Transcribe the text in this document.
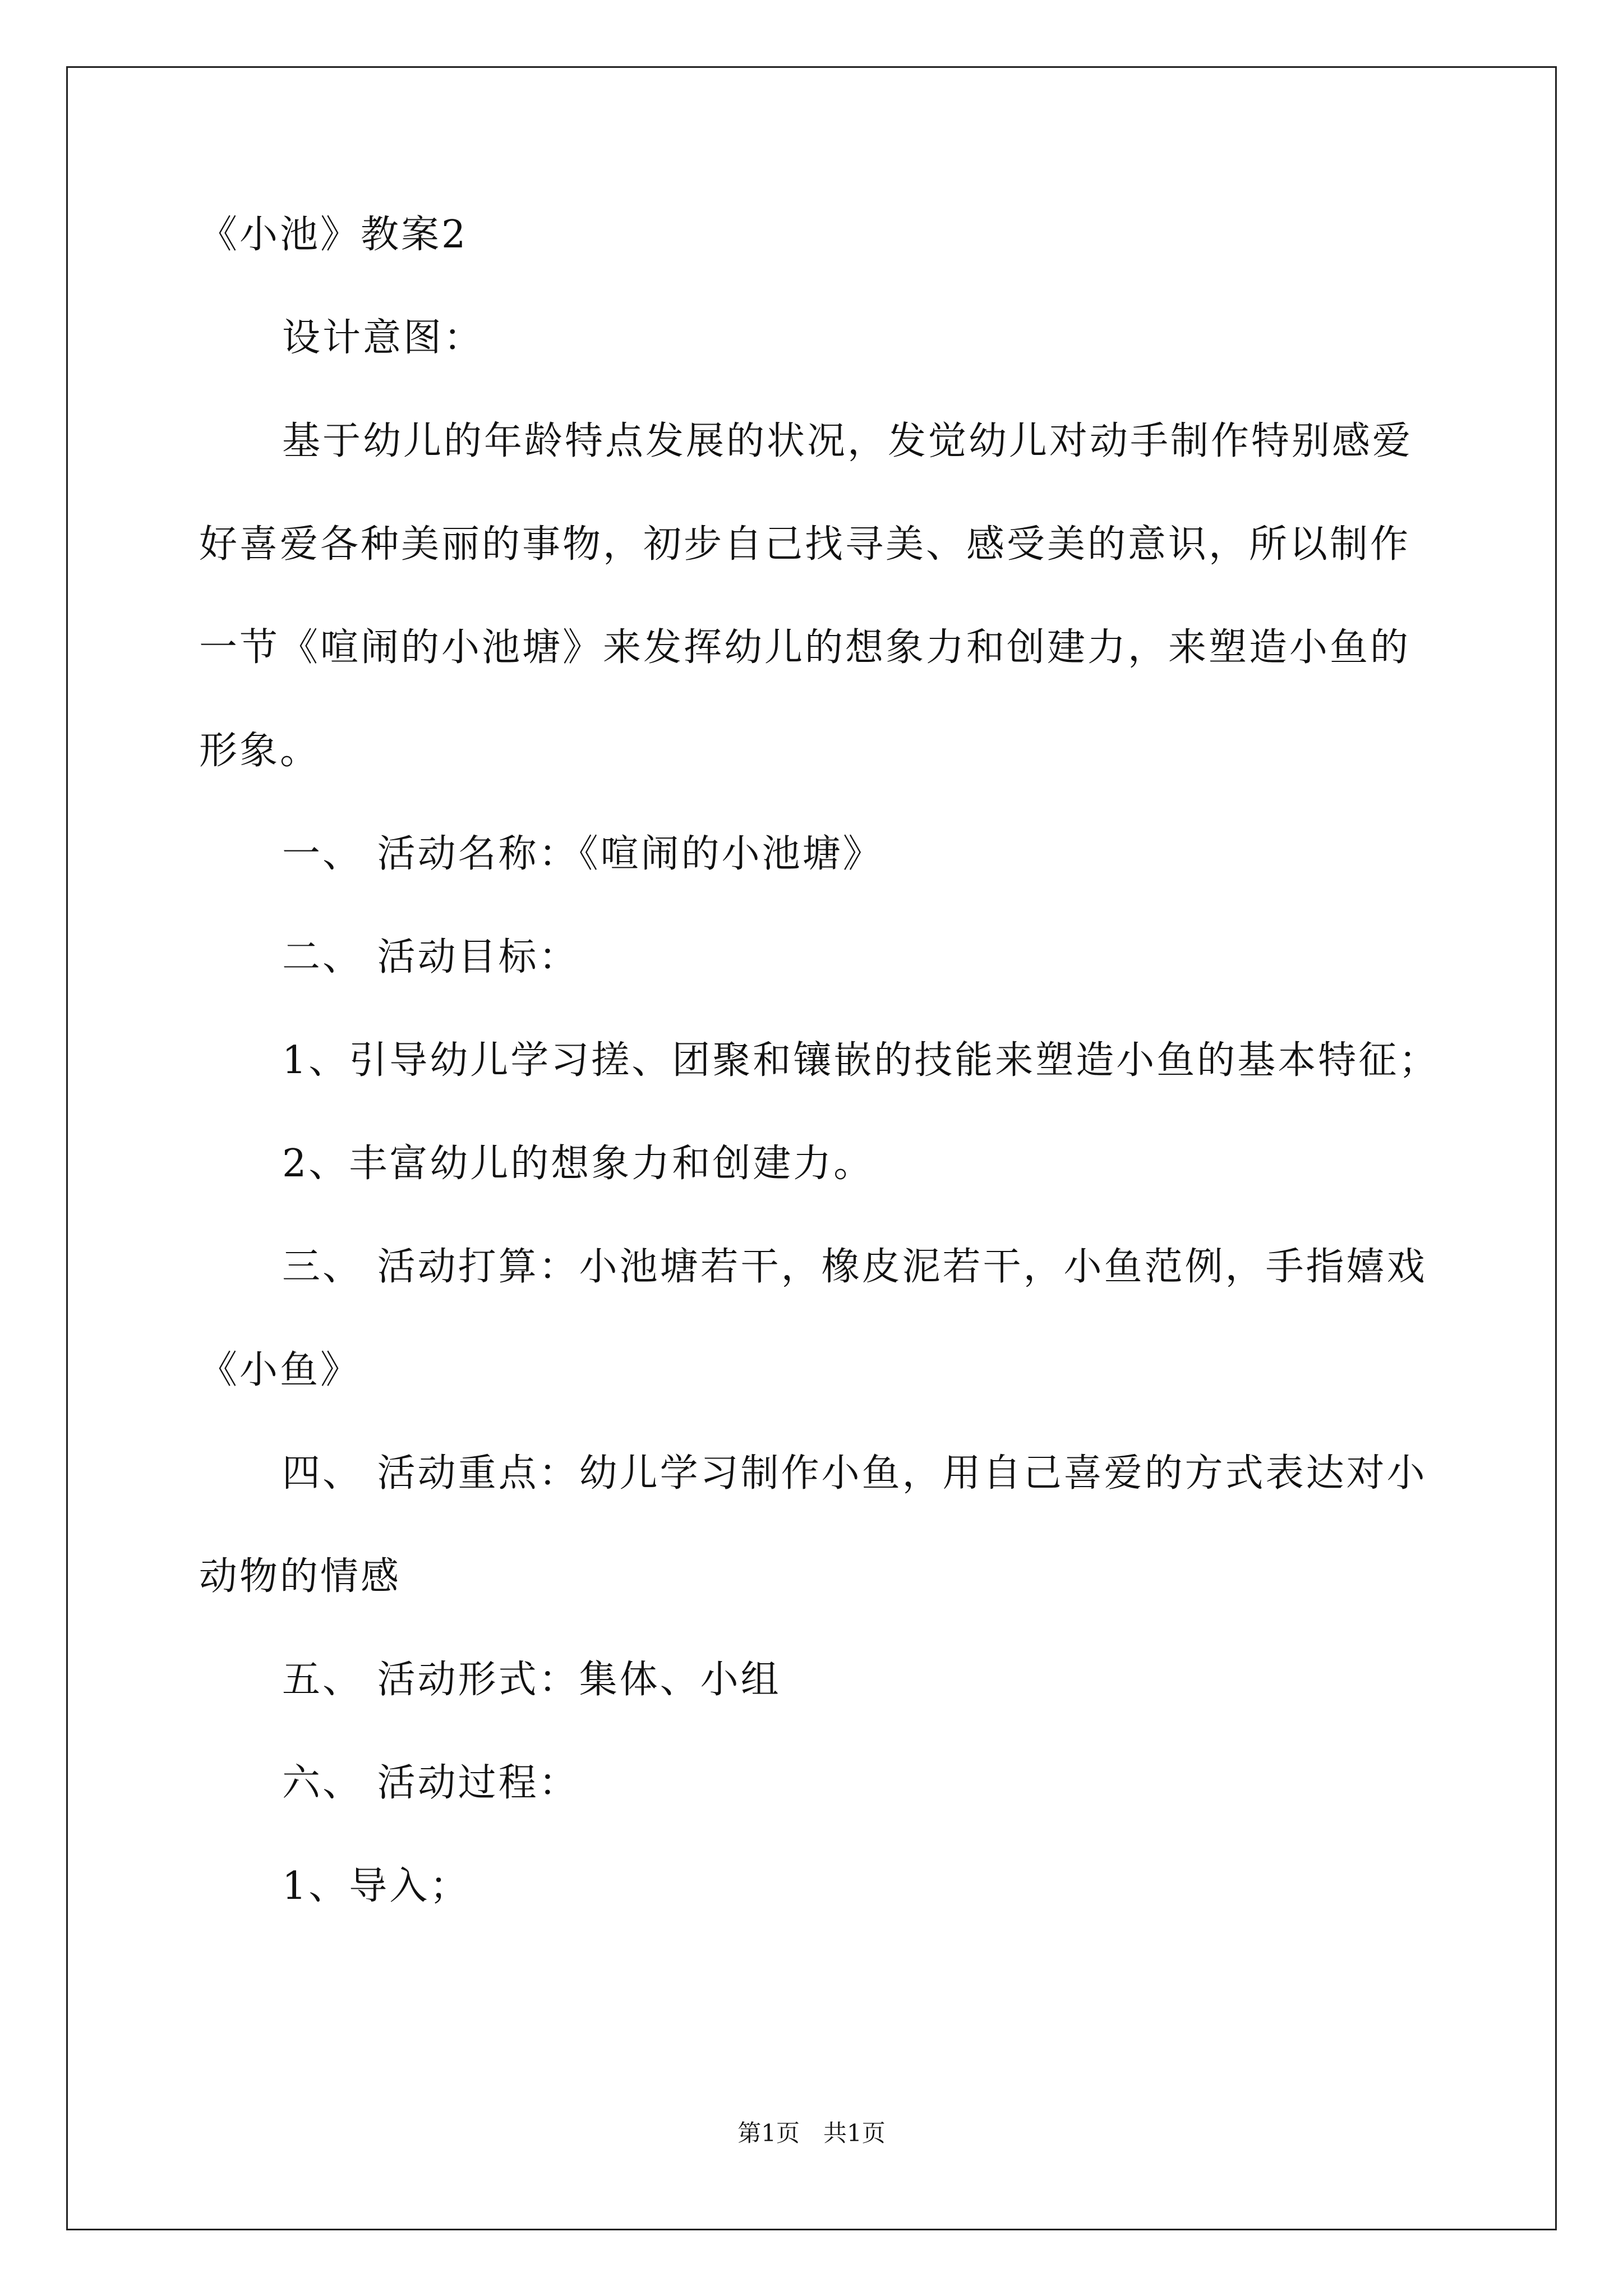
《小池》教案2
设计意图：
基于幼儿的年龄特点发展的状况，发觉幼儿对动手制作特别感爱
好喜爱各种美丽的事物，初步自己找寻美、感受美的意识，所以制作
一节《喧闹的小池塘》来发挥幼儿的想象力和创建力，来塑造小鱼的
形象。
一、 活动名称：《喧闹的小池塘》
二、 活动目标：
1、引导幼儿学习搓、团聚和镶嵌的技能来塑造小鱼的基本特征；
2、丰富幼儿的想象力和创建力。
三、 活动打算：小池塘若干，橡皮泥若干，小鱼范例，手指嬉戏
《小鱼》
四、 活动重点：幼儿学习制作小鱼，用自己喜爱的方式表达对小
动物的情感
五、 活动形式：集体、小组
六、 活动过程：
1、导入；
第1页　共1页
